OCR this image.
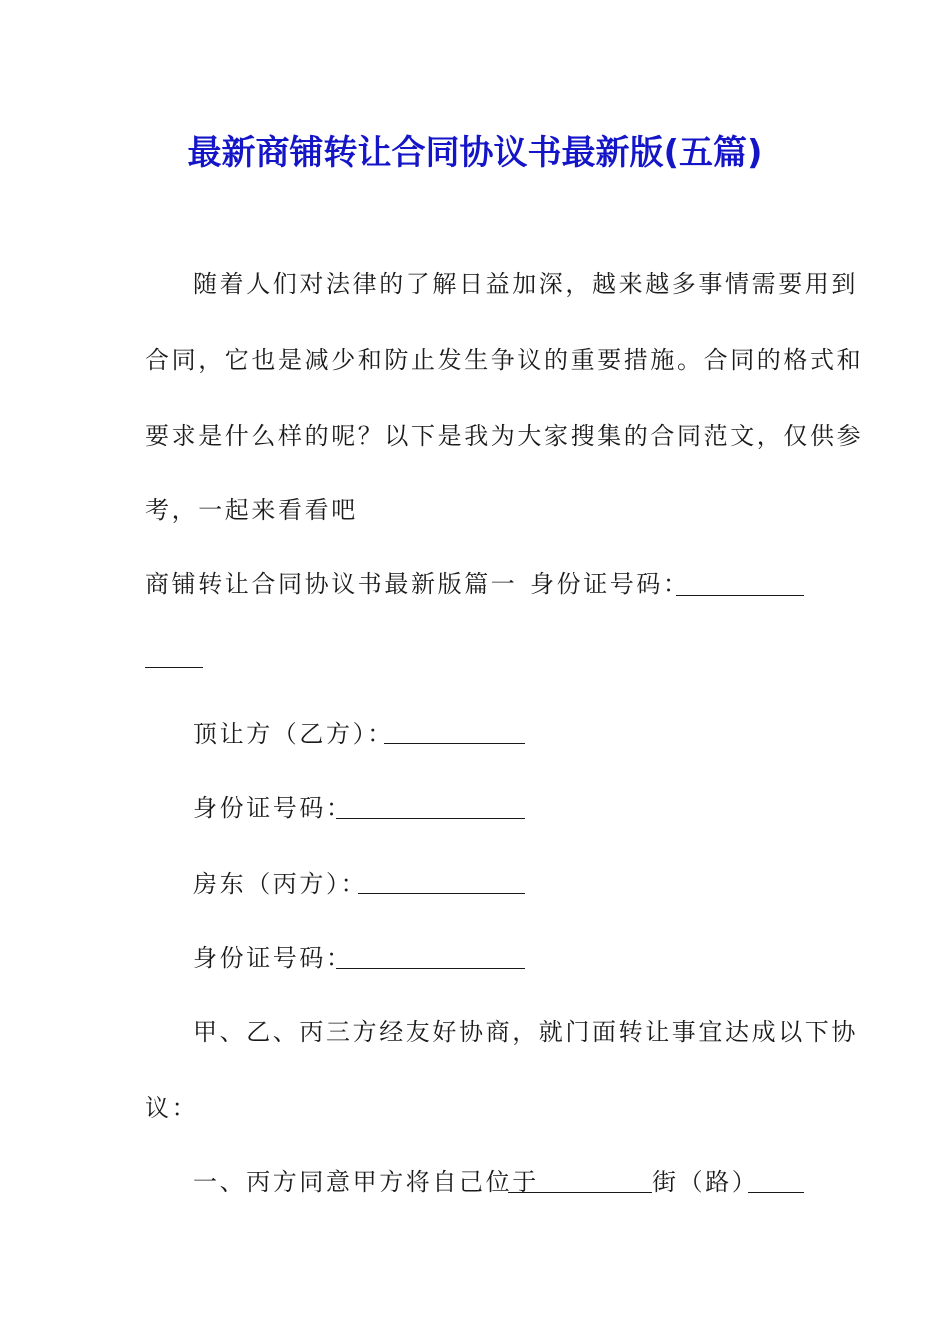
最新商铺转让合同协议书最新版(五篇)
随着人们对法律的了解日益加深，越来越多事情需要用到
合同，它也是减少和防止发生争议的重要措施。合同的格式和
要求是什么样的呢？以下是我为大家搜集的合同范文，仅供参
考，一起来看看吧
商铺转让合同协议书最新版篇一 身份证号码：
顶让方（乙方）：
身份证号码：
房东（丙方）：
身份证号码：
甲、乙、丙三方经友好协商，就门面转让事宜达成以下协
议：
一、丙方同意甲方将自己位于	街（路）
